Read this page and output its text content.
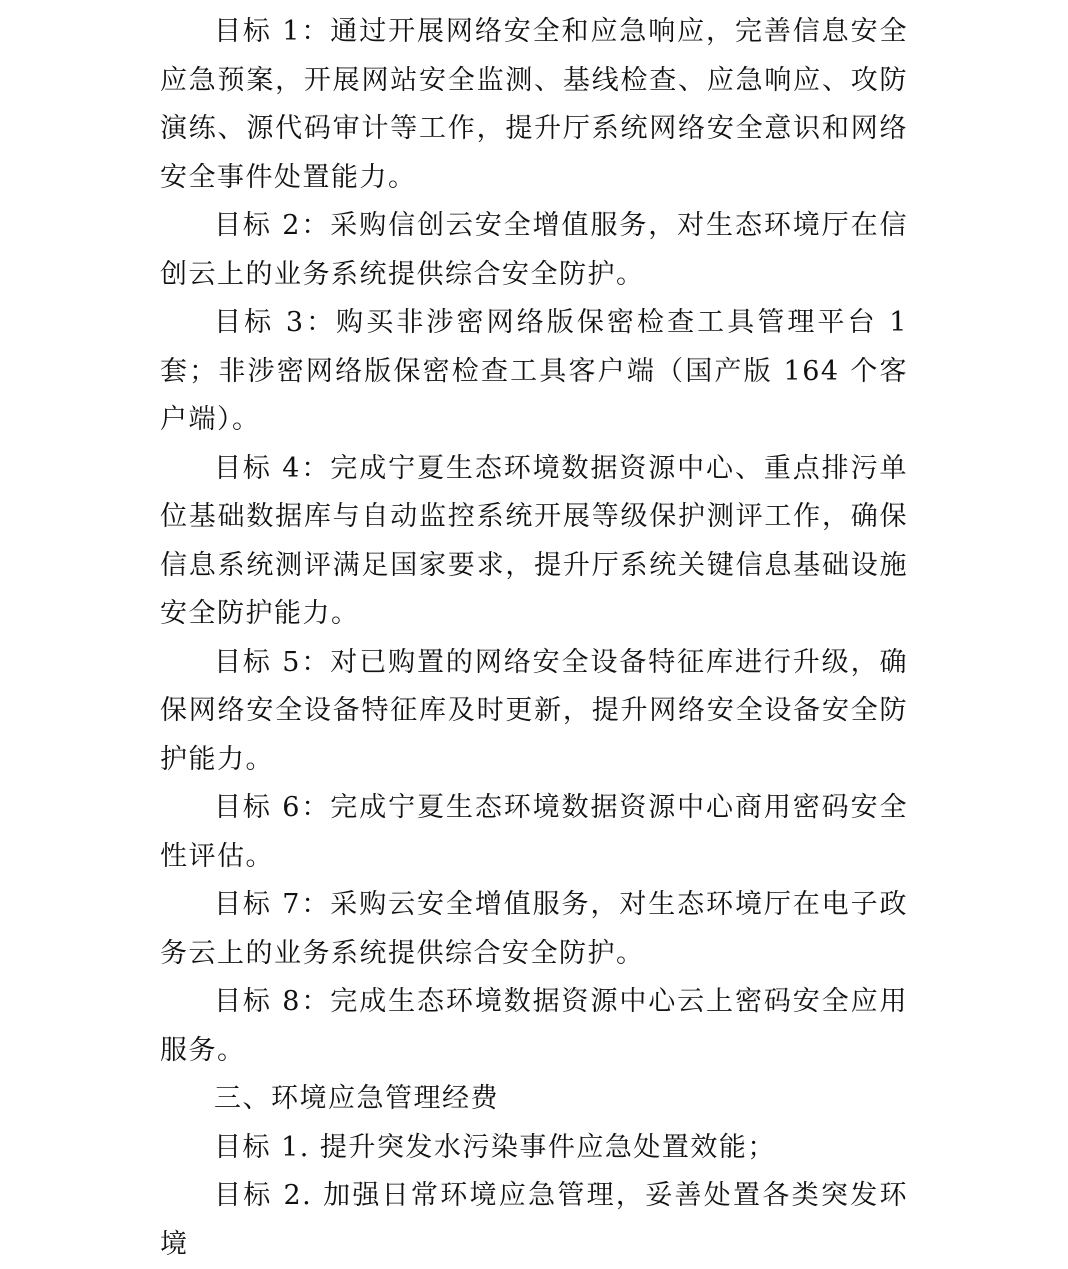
目标 1：通过开展网络安全和应急响应，完善信息安全应急预案，开展网站安全监测、基线检查、应急响应、攻防演练、源代码审计等工作，提升厅系统网络安全意识和网络安全事件处置能力。

目标 2：采购信创云安全增值服务，对生态环境厅在信创云上的业务系统提供综合安全防护。

目标 3：购买非涉密网络版保密检查工具管理平台 1 套；非涉密网络版保密检查工具客户端（国产版 164 个客户端）。

目标 4：完成宁夏生态环境数据资源中心、重点排污单位基础数据库与自动监控系统开展等级保护测评工作，确保信息系统测评满足国家要求，提升厅系统关键信息基础设施安全防护能力。

目标 5：对已购置的网络安全设备特征库进行升级，确保网络安全设备特征库及时更新，提升网络安全设备安全防护能力。

目标 6：完成宁夏生态环境数据资源中心商用密码安全性评估。

目标 7：采购云安全增值服务，对生态环境厅在电子政务云上的业务系统提供综合安全防护。

目标 8：完成生态环境数据资源中心云上密码安全应用服务。

三、环境应急管理经费

目标 1. 提升突发水污染事件应急处置效能；

目标 2. 加强日常环境应急管理，妥善处置各类突发环境
